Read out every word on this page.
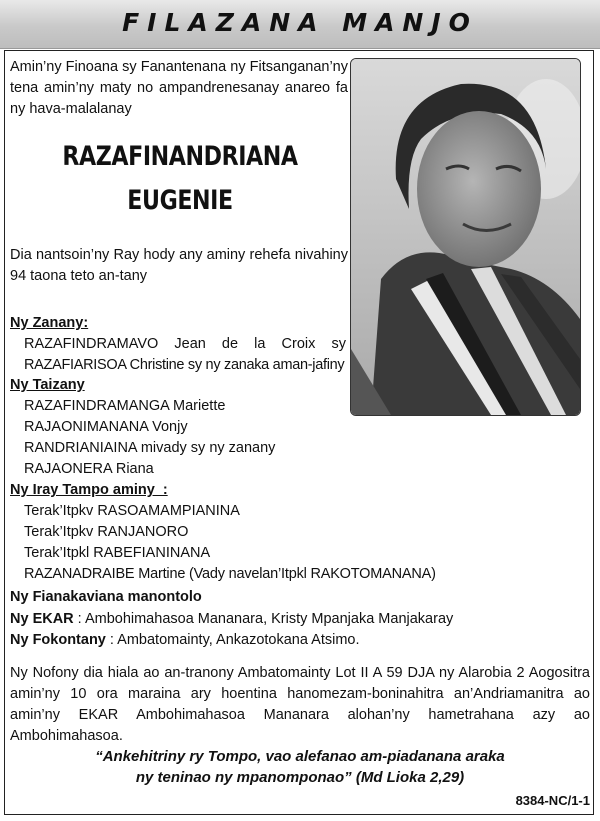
FILAZANA MANJO
Amin’ny Finoana sy Fanantenana ny Fitsanganan’ny tena amin’ny maty no ampandrenesanay anareo fa ny hava-malalanay
RAZAFINANDRIANA
EUGENIE
Dia nantsoin’ny Ray hody any aminy rehefa nivahiny 94 taona teto an-tany
Ny Zanany:
RAZAFINDRAMAVO Jean de la Croix sy
RAZAFIARISOA Christine sy ny zanaka aman-jafiny
Ny Taizany
RAZAFINDRAMANGA Mariette
RAJAONIMANANA Vonjy
RANDRIANIAINA mivady sy ny zanany
RAJAONERA Riana
Ny Iray Tampo aminy  :
Terak’Itpkv RASOAMAMPIANINA
Terak’Itpkv RANJANORO
Terak’Itpkl RABEFIANINANA
RAZANADRAIBE Martine (Vady navelan’Itpkl RAKOTOMANANA)
Ny Fianakaviana manontolo
Ny EKAR : Ambohimahasoa Mananara, Kristy Mpanjaka Manjakaray
Ny Fokontany : Ambatomainty, Ankazotokana Atsimo.
Ny Nofony dia hiala ao an-tranony Ambatomainty Lot II A 59 DJA ny Alarobia 2 Aogositra amin’ny 10 ora maraina ary hoentina hanomezam-boninahitra an’Andriamanitra ao amin’ny EKAR Ambohimahasoa Mananara alohan’ny hametrahana azy ao Ambohimahasoa.
“Ankehitriny ry Tompo, vao alefanao am-piadanana araka
ny teninao ny mpanomponao” (Md Lioka 2,29)
8384-NC/1-1
